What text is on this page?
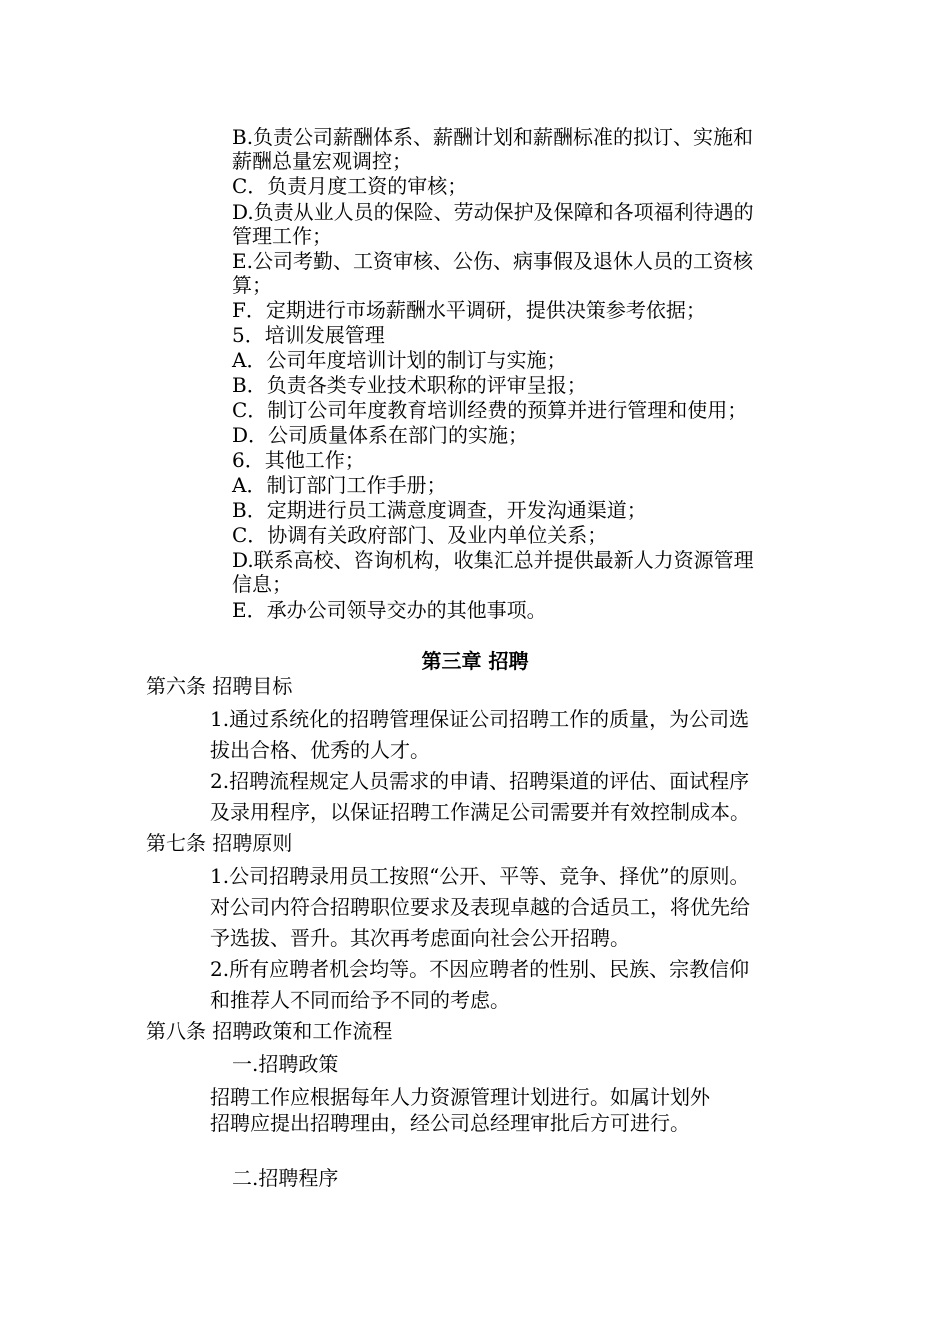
B.负责公司薪酬体系、薪酬计划和薪酬标准的拟订、实施和
薪酬总量宏观调控；
C．负责月度工资的审核；
D.负责从业人员的保险、劳动保护及保障和各项福利待遇的
管理工作；
E.公司考勤、工资审核、公伤、病事假及退休人员的工资核
算；
F．定期进行市场薪酬水平调研，提供决策参考依据；
5．培训发展管理
A．公司年度培训计划的制订与实施；
B．负责各类专业技术职称的评审呈报；
C．制订公司年度教育培训经费的预算并进行管理和使用；
D．公司质量体系在部门的实施；
6．其他工作；
A．制订部门工作手册；
B．定期进行员工满意度调查，开发沟通渠道；
C．协调有关政府部门、及业内单位关系；
D.联系高校、咨询机构，收集汇总并提供最新人力资源管理
信息；
E．承办公司领导交办的其他事项。
第三章 招聘
第六条 招聘目标
1.通过系统化的招聘管理保证公司招聘工作的质量，为公司选
拔出合格、优秀的人才。
2.招聘流程规定人员需求的申请、招聘渠道的评估、面试程序
及录用程序，以保证招聘工作满足公司需要并有效控制成本。
第七条 招聘原则
1.公司招聘录用员工按照“公开、平等、竞争、择优”的原则。
对公司内符合招聘职位要求及表现卓越的合适员工，将优先给
予选拔、晋升。其次再考虑面向社会公开招聘。
2.所有应聘者机会均等。不因应聘者的性别、民族、宗教信仰
和推荐人不同而给予不同的考虑。
第八条 招聘政策和工作流程
一.招聘政策
招聘工作应根据每年人力资源管理计划进行。如属计划外
招聘应提出招聘理由，经公司总经理审批后方可进行。
二.招聘程序
